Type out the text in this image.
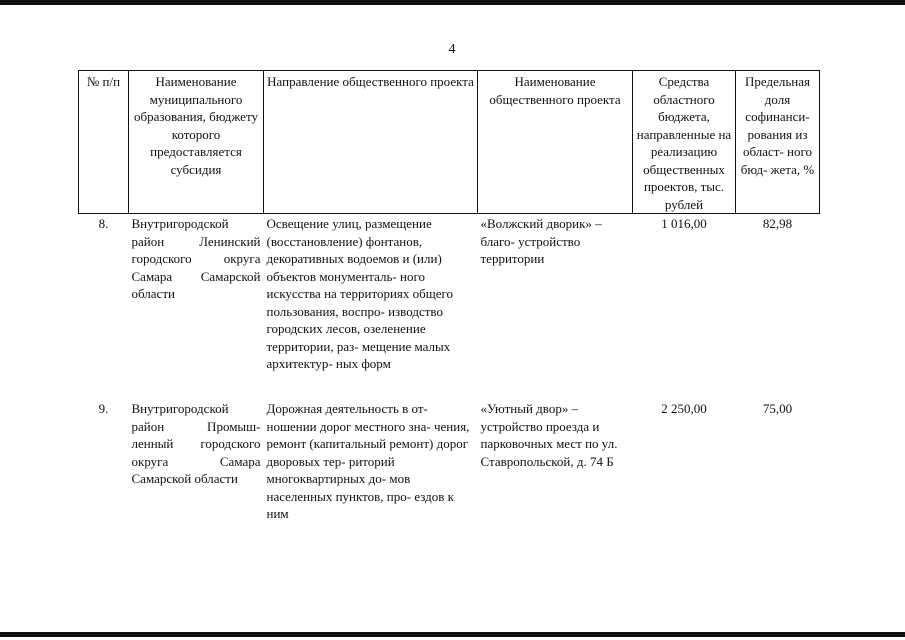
4
№ п/п	Наименование муниципального образования, бюджету которого предоставляется субсидия	Направление общественного проекта	Наименование общественного проекта	Средства областного бюджета, направленные на реализацию общественных проектов, тыс. рублей	Предельная доля софинанси- рования из област- ного бюд- жета, %
8.	Внутригородской район Ленинский городского округа Самара Самарской области	Освещение улиц, размещение (восстановление) фонтанов, декоративных водоемов и (или) объектов монументаль- ного искусства на территориях общего пользования, воспро- изводство городских лесов, озеленение территории, раз- мещение малых архитектур- ных форм	«Волжский дворик» – благо- устройство территории	1 016,00	82,98
9.	Внутригородской район Промыш- ленный городского округа Самара Самарской области	Дорожная деятельность в от- ношении дорог местного зна- чения, ремонт (капитальный ремонт) дорог дворовых тер- риторий многоквартирных до- мов населенных пунктов, про- ездов к ним	«Уютный двор» – устройство проезда и парковочных мест по ул. Ставропольской, д. 74 Б	2 250,00	75,00
